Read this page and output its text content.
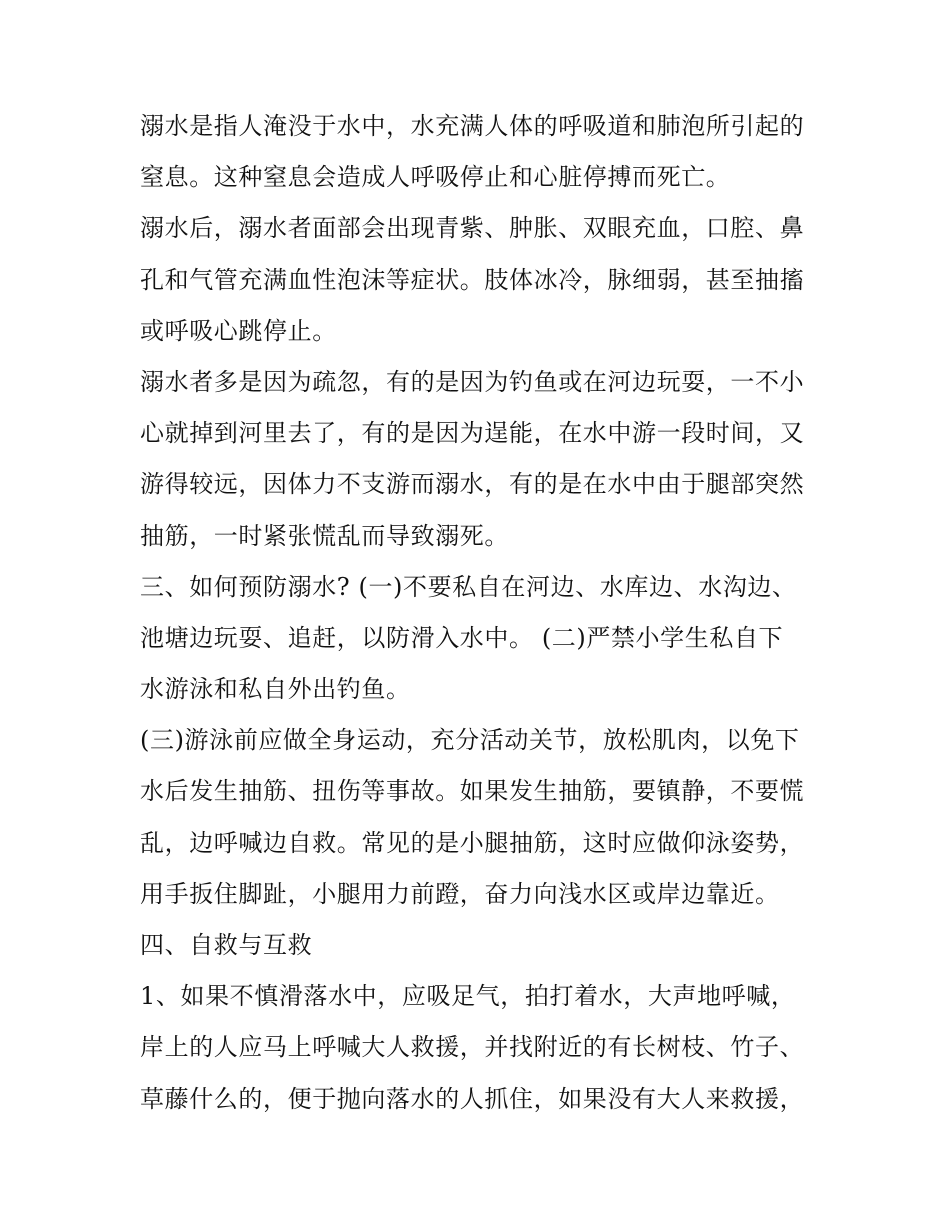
溺水是指人淹没于水中，水充满人体的呼吸道和肺泡所引起的
窒息。这种窒息会造成人呼吸停止和心脏停搏而死亡。
溺水后，溺水者面部会出现青紫、肿胀、双眼充血，口腔、鼻
孔和气管充满血性泡沫等症状。肢体冰冷，脉细弱，甚至抽搐
或呼吸心跳停止。
溺水者多是因为疏忽，有的是因为钓鱼或在河边玩耍，一不小
心就掉到河里去了，有的是因为逞能，在水中游一段时间，又
游得较远，因体力不支游而溺水，有的是在水中由于腿部突然
抽筋，一时紧张慌乱而导致溺死。
三、如何预防溺水? (一)不要私自在河边、水库边、水沟边、
池塘边玩耍、追赶，以防滑入水中。 (二)严禁小学生私自下
水游泳和私自外出钓鱼。
(三)游泳前应做全身运动，充分活动关节，放松肌肉，以免下
水后发生抽筋、扭伤等事故。如果发生抽筋，要镇静，不要慌
乱，边呼喊边自救。常见的是小腿抽筋，这时应做仰泳姿势，
用手扳住脚趾，小腿用力前蹬，奋力向浅水区或岸边靠近。
四、自救与互救
1、如果不慎滑落水中，应吸足气，拍打着水，大声地呼喊，
岸上的人应马上呼喊大人救援，并找附近的有长树枝、竹子、
草藤什么的，便于抛向落水的人抓住，如果没有大人来救援，
